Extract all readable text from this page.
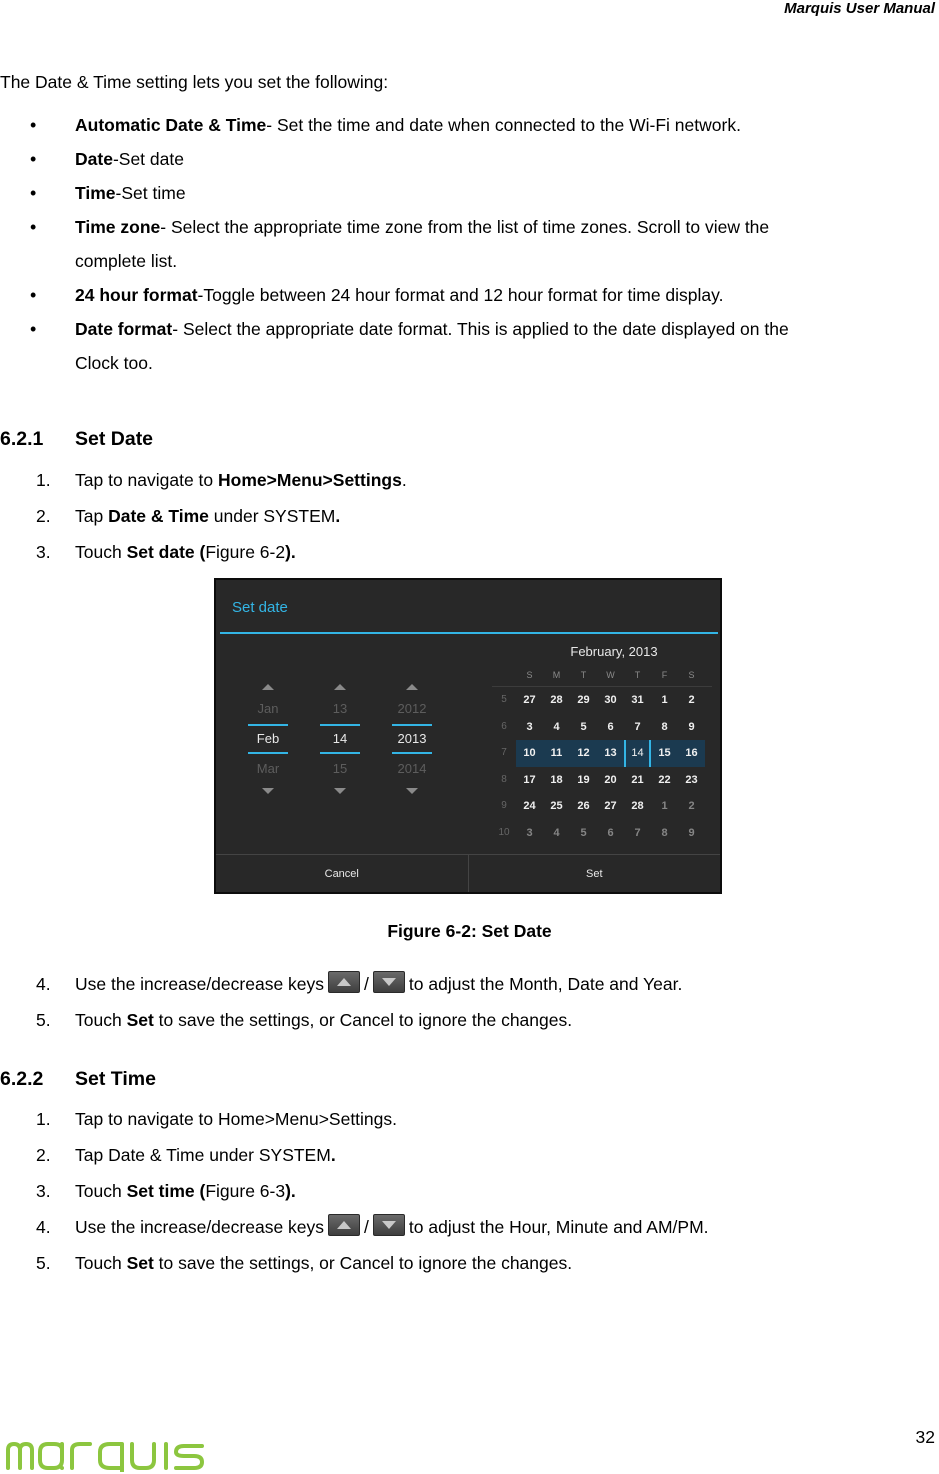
Marquis User Manual
The Date & Time setting lets you set the following:
• Automatic Date & Time- Set the time and date when connected to the Wi-Fi network.
• Date-Set date
• Time-Set time
• Time zone- Select the appropriate time zone from the list of time zones. Scroll to view the
complete list.
• 24 hour format-Toggle between 24 hour format and 12 hour format for time display.
• Date format- Select the appropriate date format. This is applied to the date displayed on the
Clock too.
6.2.1 Set Date
1. Tap to navigate to Home>Menu>Settings.
2. Tap Date & Time under SYSTEM.
3. Touch Set date (Figure 6-2).
Set date
Jan
Feb
Mar
13
14
15
2012
2013
2014
February, 2013
S	M	T	W	T	F	S
5	27	28	29	30	31	1	2
6	3	4	5	6	7	8	9
7	10	11	12	13	14	15	16
8	17	18	19	20	21	22	23
9	24	25	26	27	28	1	2
10	3	4	5	6	7	8	9
Cancel	Set
Figure 6-2: Set Date
4. Use the increase/decrease keys / to adjust the Month, Date and Year.
5. Touch Set to save the settings, or Cancel to ignore the changes.
6.2.2 Set Time
1. Tap to navigate to Home>Menu>Settings.
2. Tap Date & Time under SYSTEM.
3. Touch Set time (Figure 6-3).
4. Use the increase/decrease keys / to adjust the Hour, Minute and AM/PM.
5. Touch Set to save the settings, or Cancel to ignore the changes.
32
marquis
